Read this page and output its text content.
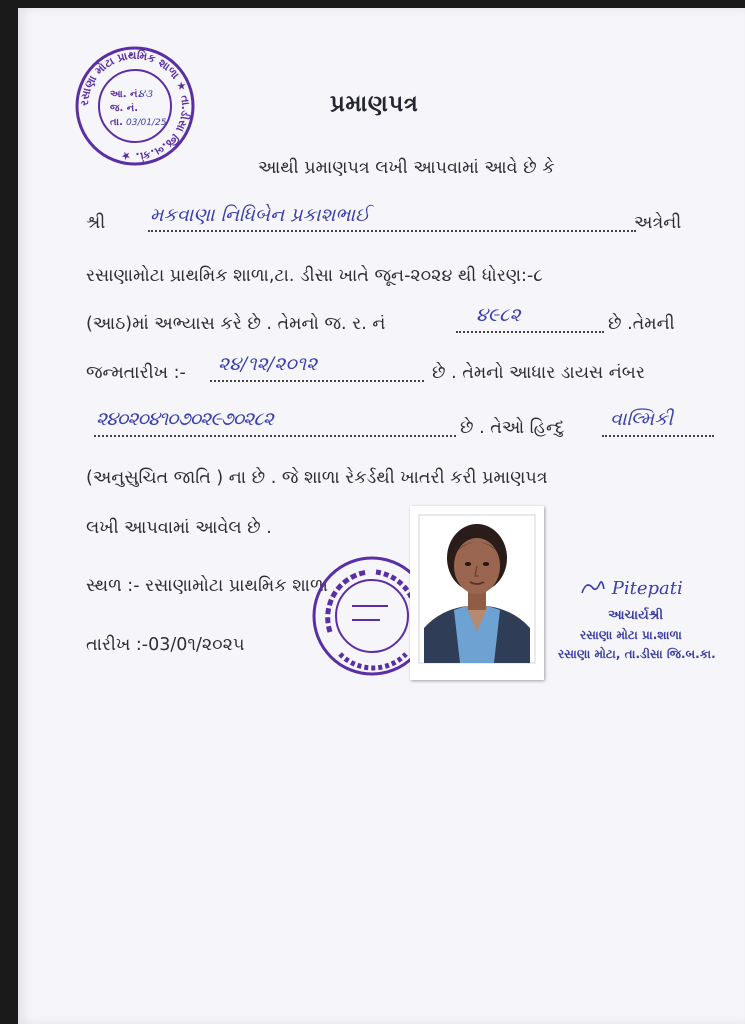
રસાણા મોટા પ્રાથમિક શાળા ★ તા.ડીસા જિ.બ.કાં. ★
આ. નં.
૪૩
જ. નં.
તા. 03/01/25
પ્રમાણપત્ર
આથી પ્રમાણપત્ર લખી આપવામાં આવે છે કે
શ્રી મકવાણા નિધિબેન પ્રકાશભાઈ	અત્રેની
રસાણામોટા પ્રાથમિક શાળા,ટા. ડીસા ખાતે જૂન-૨૦૨૪ થી ધોરણ:-૮
(આઠ)માં અભ્યાસ કરે છે . તેમનો જ. ર. નં	૪૯૮૨	છે .તેમની
જન્મતારીખ :- ૨૪/૧૨/૨૦૧૨	છે . તેમનો આધાર ડાયસ નંબર
૨૪૦૨૦૪૧૦૭૦૨૯૭૦૨૮૨	છે . તેઓ હિન્દુ વાલ્મિકી
(અનુસુચિત જાતિ ) ના છે . જે શાળા રેકર્ડથી ખાતરી કરી પ્રમાણપત્ર
લખી આપવામાં આવેલ છે .
સ્થળ :- રસાણામોટા પ્રાથમિક શાળા
તારીખ :-03/0૧/૨૦૨૫
Pitepati
આચાર્યશ્રી
રસાણા મોટા પ્રા.શાળા
રસાણા મોટા, તા.ડીસા જિ.બ.કા.
